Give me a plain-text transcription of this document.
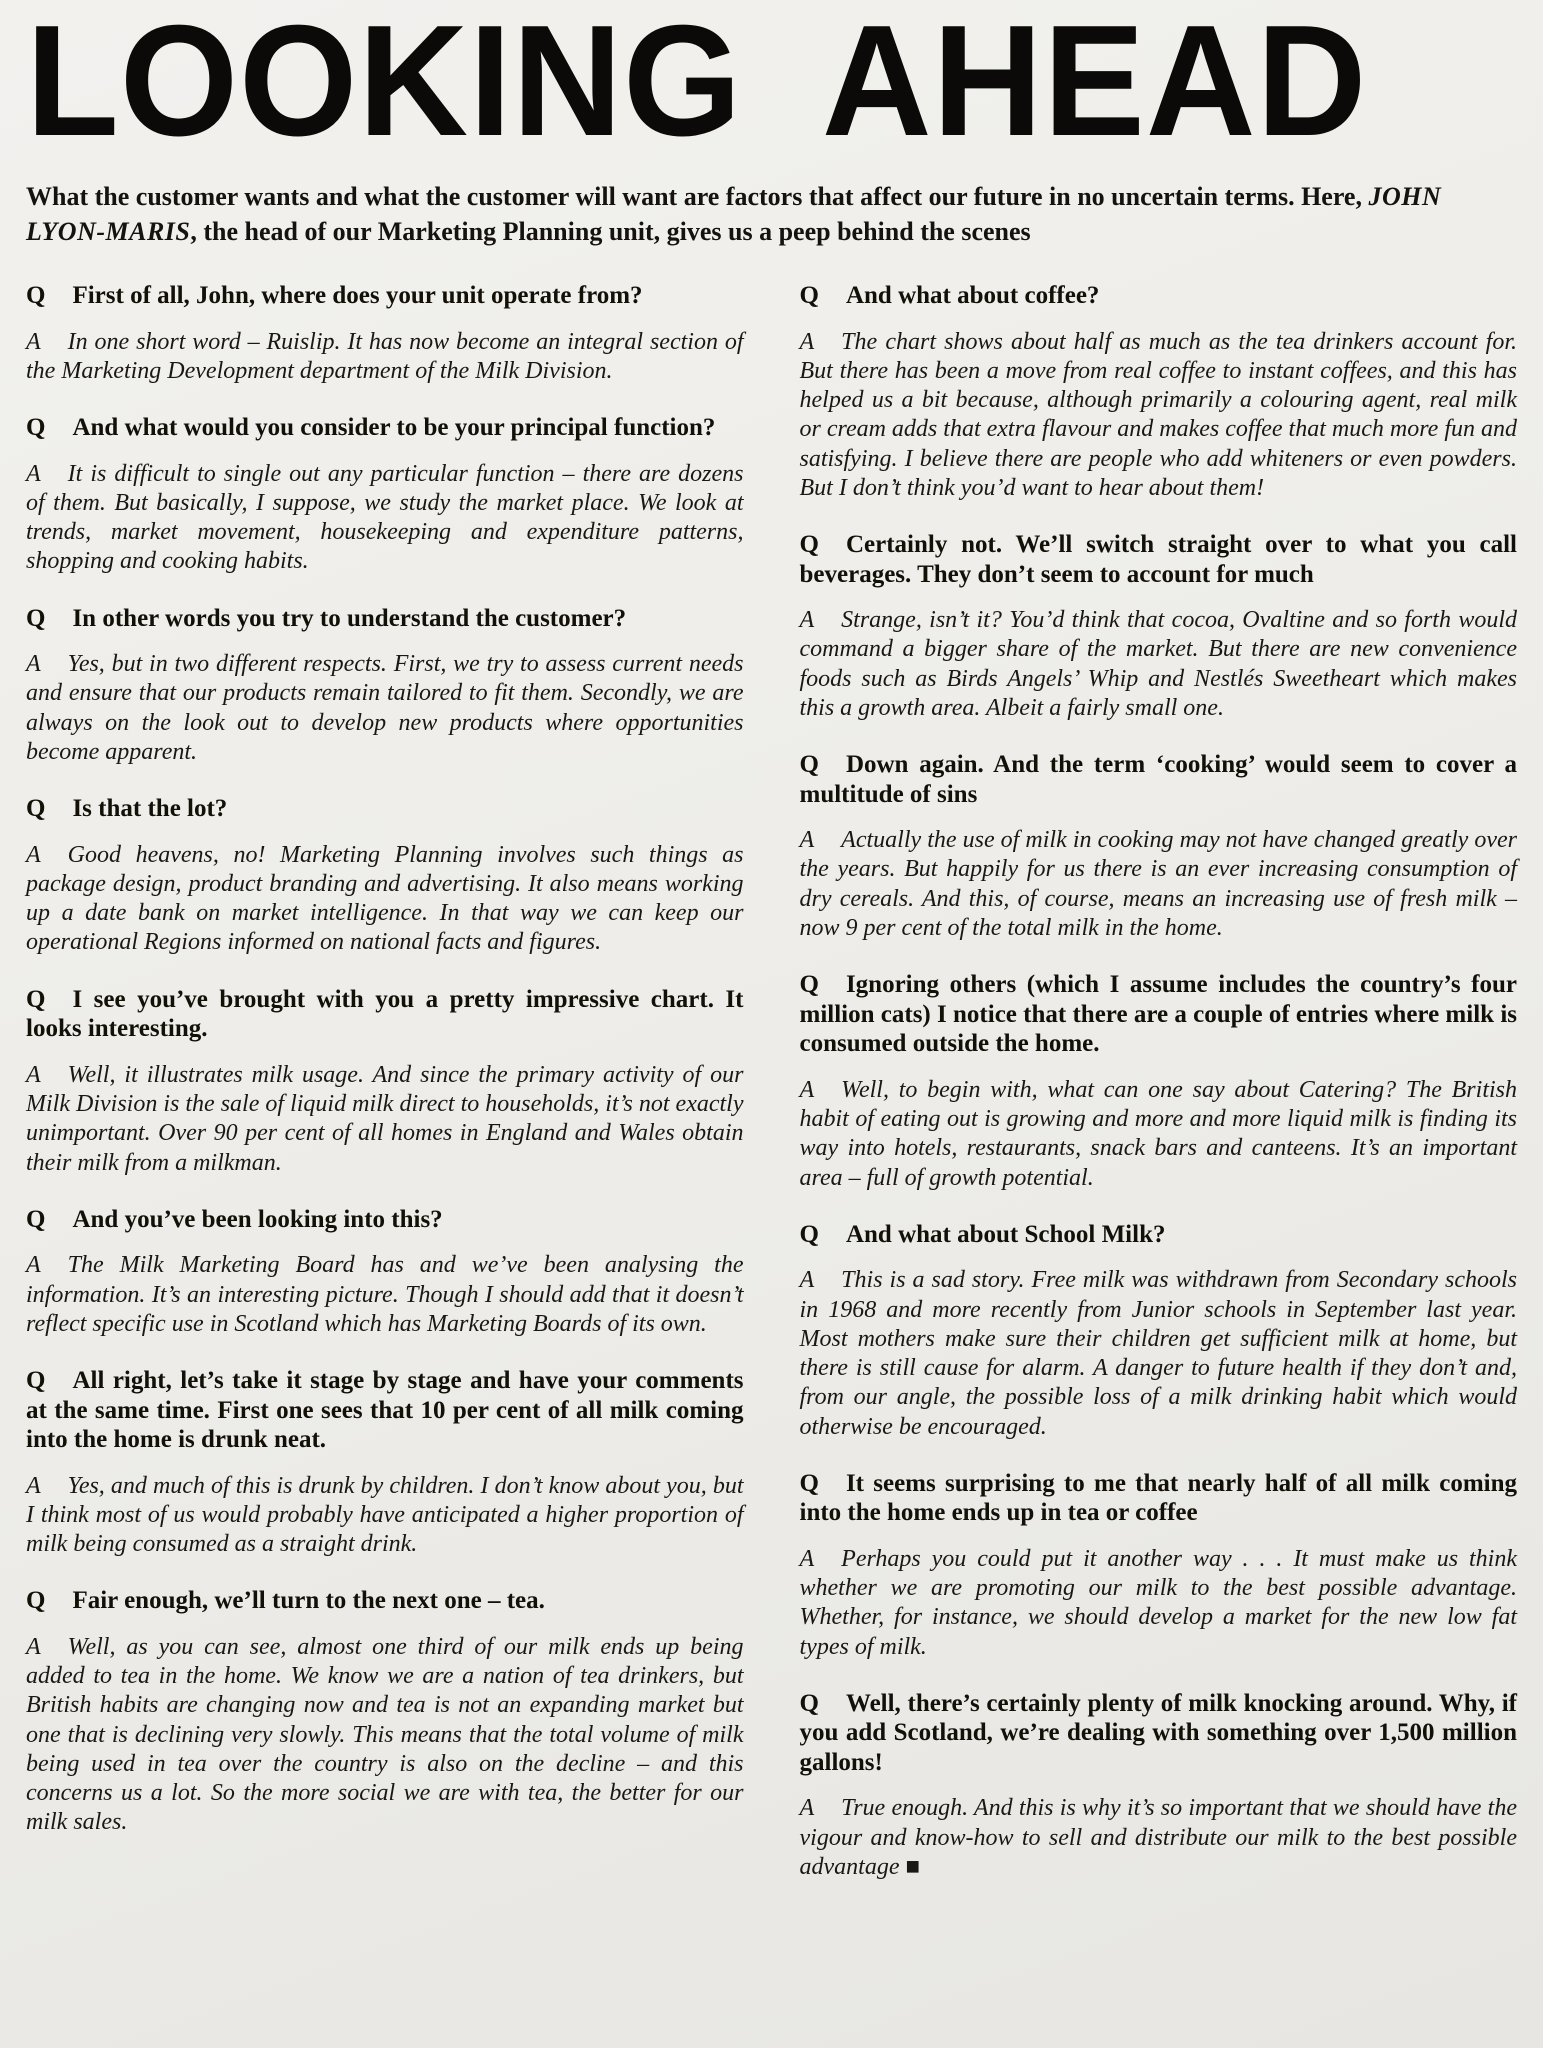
LOOKING AHEAD

What the customer wants and what the customer will want are factors that affect our future in no uncertain terms. Here, JOHN LYON-MARIS, the head of our Marketing Planning unit, gives us a peep behind the scenes

Q First of all, John, where does your unit operate from?

A In one short word – Ruislip. It has now become an integral section of the Marketing Development department of the Milk Division.

Q And what would you consider to be your principal function?

A It is difficult to single out any particular function – there are dozens of them. But basically, I suppose, we study the market place. We look at trends, market movement, housekeeping and expenditure patterns, shopping and cooking habits.

Q In other words you try to understand the customer?

A Yes, but in two different respects. First, we try to assess current needs and ensure that our products remain tailored to fit them. Secondly, we are always on the look out to develop new products where opportunities become apparent.

Q Is that the lot?

A Good heavens, no! Marketing Planning involves such things as package design, product branding and advertising. It also means working up a date bank on market intelligence. In that way we can keep our operational Regions informed on national facts and figures.

Q I see you’ve brought with you a pretty impressive chart. It looks interesting.

A Well, it illustrates milk usage. And since the primary activity of our Milk Division is the sale of liquid milk direct to households, it’s not exactly unimportant. Over 90 per cent of all homes in England and Wales obtain their milk from a milkman.

Q And you’ve been looking into this?

A The Milk Marketing Board has and we’ve been analysing the information. It’s an interesting picture. Though I should add that it doesn’t reflect specific use in Scotland which has Marketing Boards of its own.

Q All right, let’s take it stage by stage and have your comments at the same time. First one sees that 10 per cent of all milk coming into the home is drunk neat.

A Yes, and much of this is drunk by children. I don’t know about you, but I think most of us would probably have anticipated a higher proportion of milk being consumed as a straight drink.

Q Fair enough, we’ll turn to the next one – tea.

A Well, as you can see, almost one third of our milk ends up being added to tea in the home. We know we are a nation of tea drinkers, but British habits are changing now and tea is not an expanding market but one that is declining very slowly. This means that the total volume of milk being used in tea over the country is also on the decline – and this concerns us a lot. So the more social we are with tea, the better for our milk sales.

Q And what about coffee?

A The chart shows about half as much as the tea drinkers account for. But there has been a move from real coffee to instant coffees, and this has helped us a bit because, although primarily a colouring agent, real milk or cream adds that extra flavour and makes coffee that much more fun and satisfying. I believe there are people who add whiteners or even powders. But I don’t think you’d want to hear about them!

Q Certainly not. We’ll switch straight over to what you call beverages. They don’t seem to account for much

A Strange, isn’t it? You’d think that cocoa, Ovaltine and so forth would command a bigger share of the market. But there are new convenience foods such as Birds Angels’ Whip and Nestlés Sweetheart which makes this a growth area. Albeit a fairly small one.

Q Down again. And the term ‘cooking’ would seem to cover a multitude of sins

A Actually the use of milk in cooking may not have changed greatly over the years. But happily for us there is an ever increasing consumption of dry cereals. And this, of course, means an increasing use of fresh milk – now 9 per cent of the total milk in the home.

Q Ignoring others (which I assume includes the country’s four million cats) I notice that there are a couple of entries where milk is consumed outside the home.

A Well, to begin with, what can one say about Catering? The British habit of eating out is growing and more and more liquid milk is finding its way into hotels, restaurants, snack bars and canteens. It’s an important area – full of growth potential.

Q And what about School Milk?

A This is a sad story. Free milk was withdrawn from Secondary schools in 1968 and more recently from Junior schools in September last year. Most mothers make sure their children get sufficient milk at home, but there is still cause for alarm. A danger to future health if they don’t and, from our angle, the possible loss of a milk drinking habit which would otherwise be encouraged.

Q It seems surprising to me that nearly half of all milk coming into the home ends up in tea or coffee

A Perhaps you could put it another way . . . It must make us think whether we are promoting our milk to the best possible advantage. Whether, for instance, we should develop a market for the new low fat types of milk.

Q Well, there’s certainly plenty of milk knocking around. Why, if you add Scotland, we’re dealing with something over 1,500 million gallons!

A True enough. And this is why it’s so important that we should have the vigour and know-how to sell and distribute our milk to the best possible advantage ■
